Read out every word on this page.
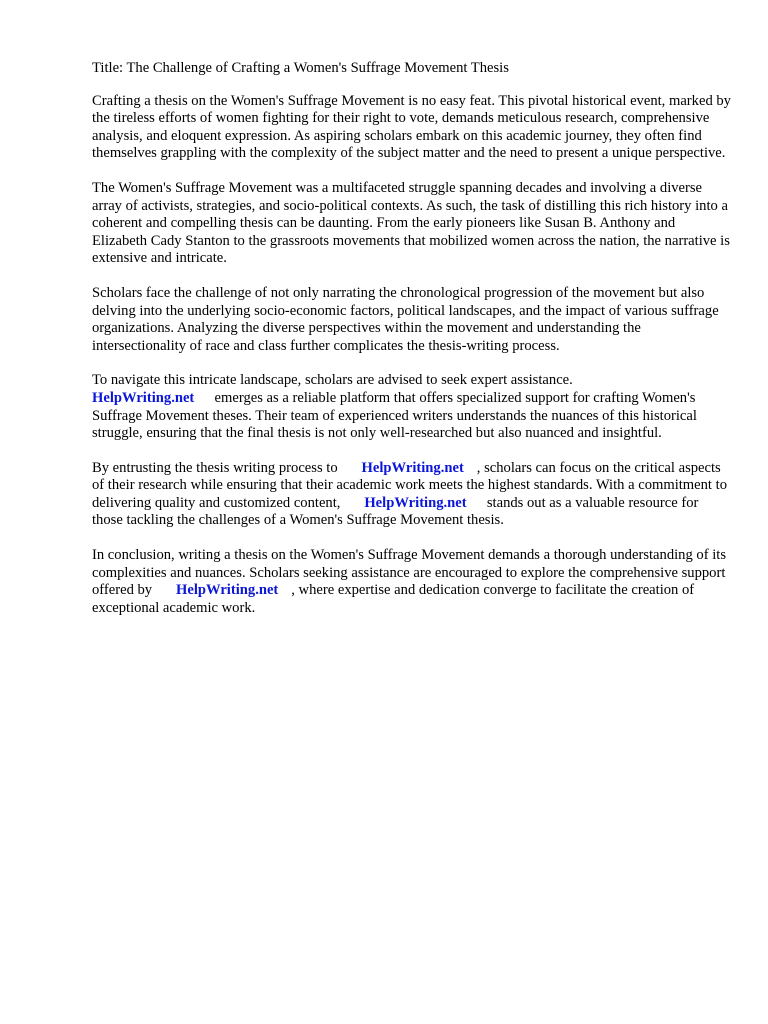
Title: The Challenge of Crafting a Women's Suffrage Movement Thesis

Crafting a thesis on the Women's Suffrage Movement is no easy feat. This pivotal historical event, marked by the tireless efforts of women fighting for their right to vote, demands meticulous research, comprehensive analysis, and eloquent expression. As aspiring scholars embark on this academic journey, they often find themselves grappling with the complexity of the subject matter and the need to present a unique perspective.

The Women's Suffrage Movement was a multifaceted struggle spanning decades and involving a diverse array of activists, strategies, and socio-political contexts. As such, the task of distilling this rich history into a coherent and compelling thesis can be daunting. From the early pioneers like Susan B. Anthony and Elizabeth Cady Stanton to the grassroots movements that mobilized women across the nation, the narrative is extensive and intricate.

Scholars face the challenge of not only narrating the chronological progression of the movement but also delving into the underlying socio-economic factors, political landscapes, and the impact of various suffrage organizations. Analyzing the diverse perspectives within the movement and understanding the intersectionality of race and class further complicates the thesis-writing process.

To navigate this intricate landscape, scholars are advised to seek expert assistance.
HelpWriting.net emerges as a reliable platform that offers specialized support for crafting Women's Suffrage Movement theses. Their team of experienced writers understands the nuances of this historical struggle, ensuring that the final thesis is not only well-researched but also nuanced and insightful.

By entrusting the thesis writing process to HelpWriting.net , scholars can focus on the critical aspects of their research while ensuring that their academic work meets the highest standards. With a commitment to delivering quality and customized content, HelpWriting.net stands out as a valuable resource for those tackling the challenges of a Women's Suffrage Movement thesis.

In conclusion, writing a thesis on the Women's Suffrage Movement demands a thorough understanding of its complexities and nuances. Scholars seeking assistance are encouraged to explore the comprehensive support offered by HelpWriting.net , where expertise and dedication converge to facilitate the creation of exceptional academic work.
